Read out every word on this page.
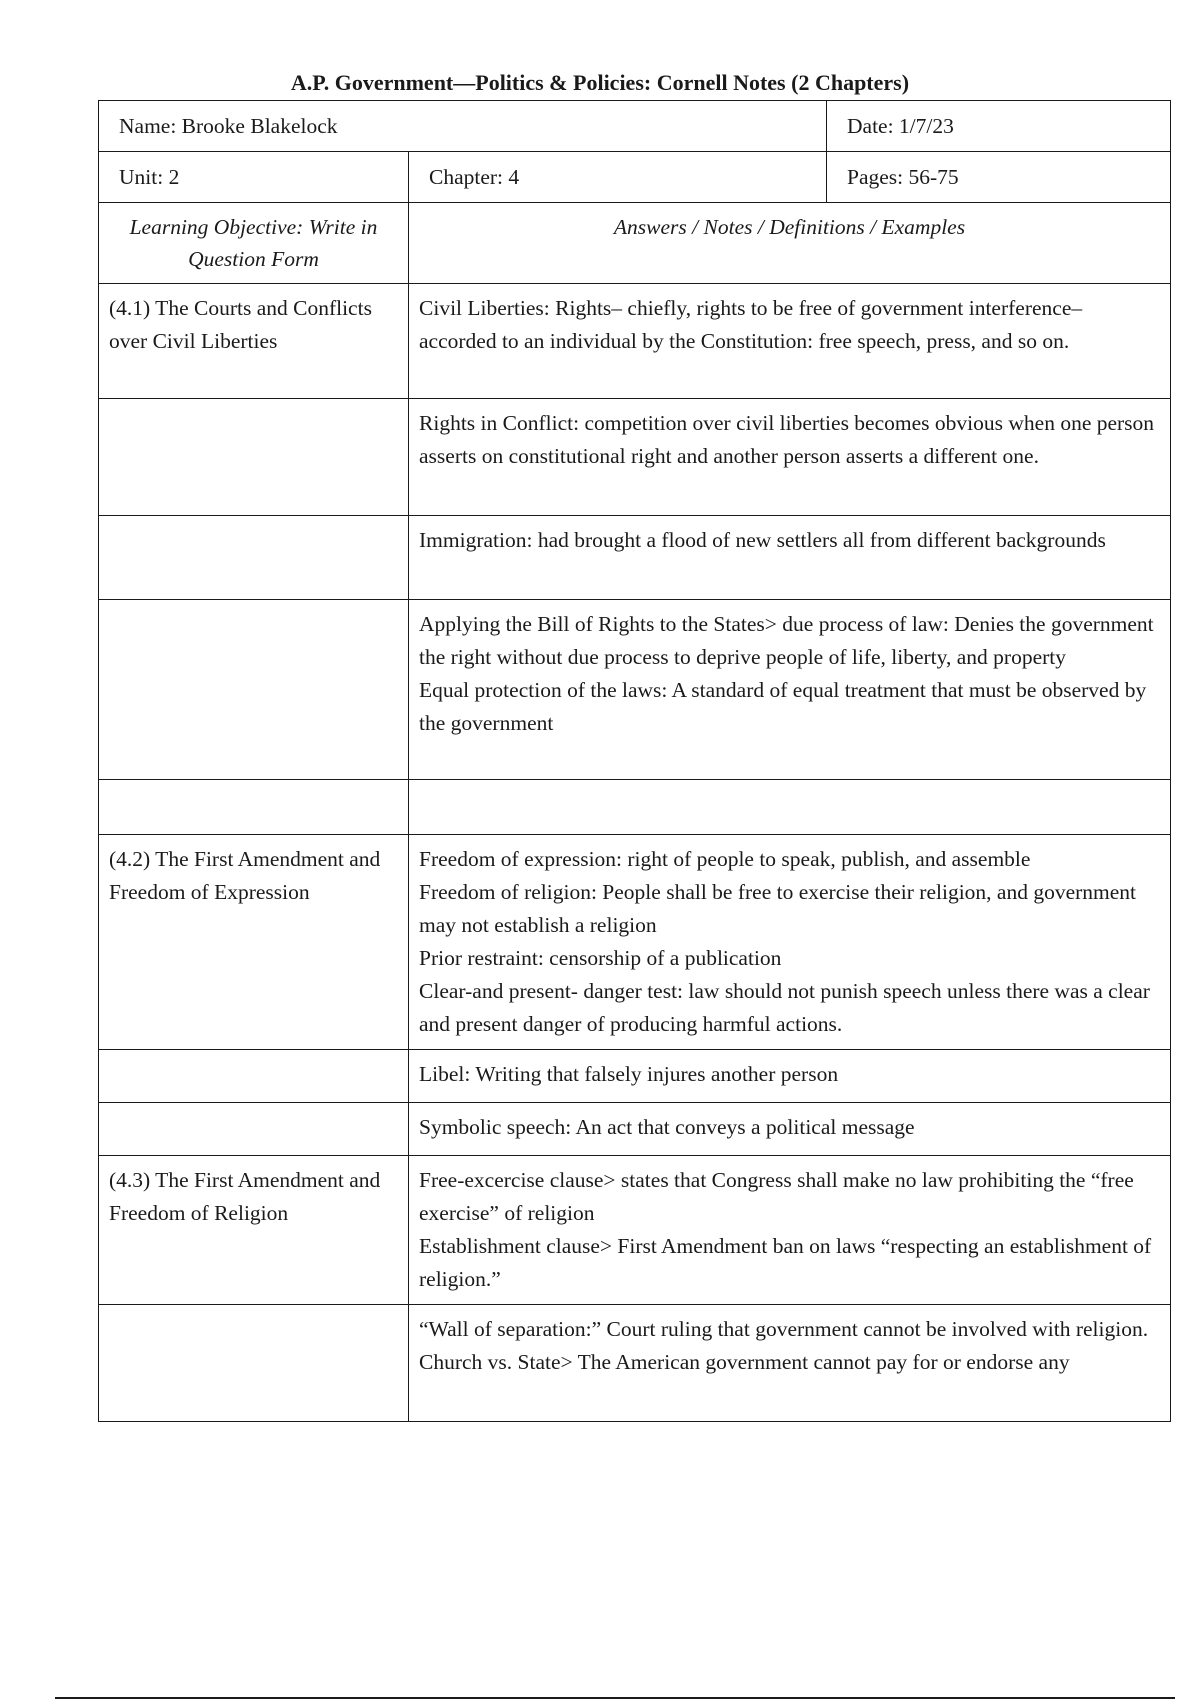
A.P. Government—Politics & Policies: Cornell Notes (2 Chapters)
Name: Brooke Blakelock		Date: 1/7/23

Unit: 2	Chapter: 4	Pages: 56-75

Learning Objective: Write in Question Form	Answers / Notes / Definitions / Examples	

(4.1) The Courts and Conflicts over Civil Liberties	Civil Liberties: Rights– chiefly, rights to be free of government interference– accorded to an individual by the Constitution: free speech, press, and so on.	

	Rights in Conflict: competition over civil liberties becomes obvious when one person asserts on constitutional right and another person asserts a different one.	

	Immigration: had brought a flood of new settlers all from different backgrounds	

	Applying the Bill of Rights to the States> due process of law: Denies the government the right without due process to deprive people of life, liberty, and property
Equal protection of the laws: A standard of equal treatment that must be observed by the government	

(4.2) The First Amendment and Freedom of Expression	Freedom of expression: right of people to speak, publish, and assemble
Freedom of religion: People shall be free to exercise their religion, and government may not establish a religion
Prior restraint: censorship of a publication
Clear-and present- danger test: law should not punish speech unless there was a clear and present danger of producing harmful actions.	

	Libel: Writing that falsely injures another person	

	Symbolic speech: An act that conveys a political message	

(4.3) The First Amendment and Freedom of Religion	Free-excercise clause> states that Congress shall make no law prohibiting the “free exercise” of religion
Establishment clause> First Amendment ban on laws “respecting an establishment of religion.”	

	“Wall of separation:” Court ruling that government cannot be involved with religion.
Church vs. State> The American government cannot pay for or endorse any	
